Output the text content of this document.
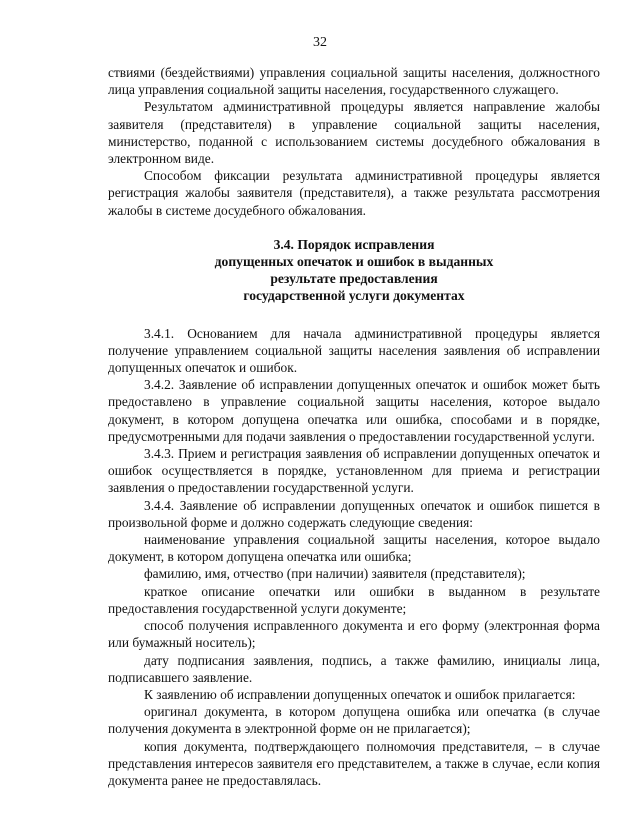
32

ствиями (бездействиями) управления социальной защиты населения, должностного лица управления социальной защиты населения, государственного служащего.

Результатом административной процедуры является направление жалобы заявителя (представителя) в управление социальной защиты населения, министерство, поданной с использованием системы досудебного обжалования в электронном виде.

Способом фиксации результата административной процедуры является регистрация жалобы заявителя (представителя), а также результата рассмотрения жалобы в системе досудебного обжалования.

3.4. Порядок исправления
допущенных опечаток и ошибок в выданных
результате предоставления
государственной услуги документах

3.4.1. Основанием для начала административной процедуры является получение управлением социальной защиты населения заявления об исправлении допущенных опечаток и ошибок.

3.4.2. Заявление об исправлении допущенных опечаток и ошибок может быть предоставлено в управление социальной защиты населения, которое выдало документ, в котором допущена опечатка или ошибка, способами и в порядке, предусмотренными для подачи заявления о предоставлении государственной услуги.

3.4.3. Прием и регистрация заявления об исправлении допущенных опечаток и ошибок осуществляется в порядке, установленном для приема и регистрации заявления о предоставлении государственной услуги.

3.4.4. Заявление об исправлении допущенных опечаток и ошибок пишется в произвольной форме и должно содержать следующие сведения:

наименование управления социальной защиты населения, которое выдало документ, в котором допущена опечатка или ошибка;

фамилию, имя, отчество (при наличии) заявителя (представителя);

краткое описание опечатки или ошибки в выданном в результате предоставления государственной услуги документе;

способ получения исправленного документа и его форму (электронная форма или бумажный носитель);

дату подписания заявления, подпись, а также фамилию, инициалы лица, подписавшего заявление.

К заявлению об исправлении допущенных опечаток и ошибок прилагается:

оригинал документа, в котором допущена ошибка или опечатка (в случае получения документа в электронной форме он не прилагается);

копия документа, подтверждающего полномочия представителя, – в случае представления интересов заявителя его представителем, а также в случае, если копия документа ранее не предоставлялась.
